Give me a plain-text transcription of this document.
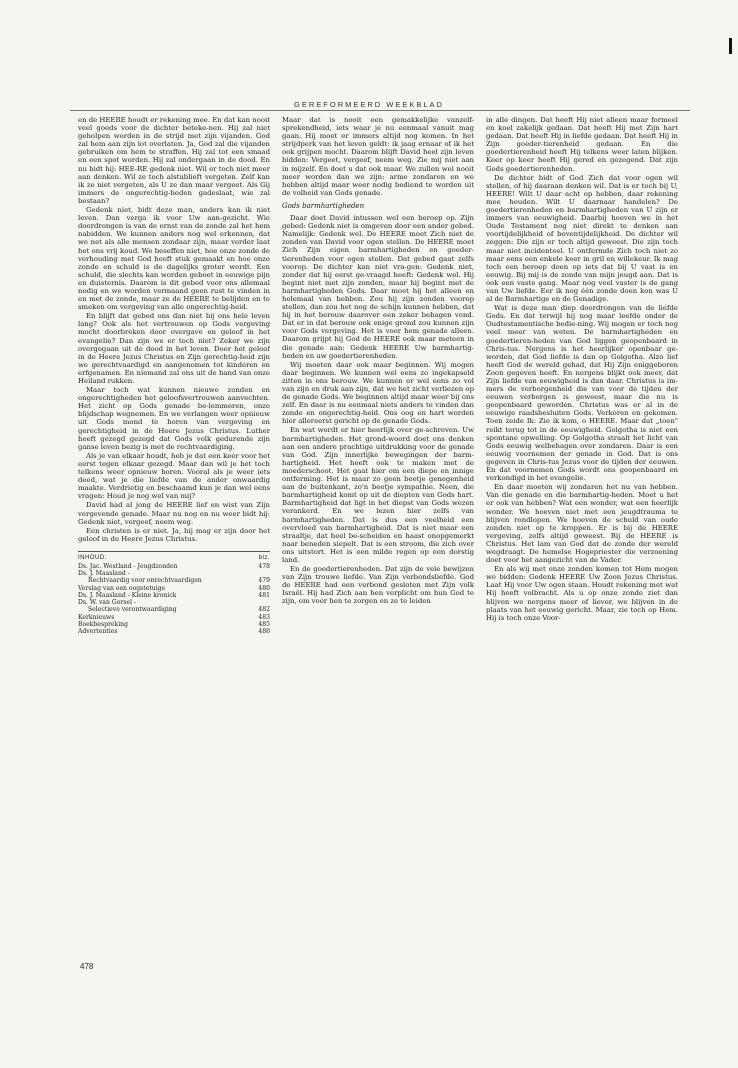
GEREFORMEERD WEEKBLAD

en de HEERE houdt er rekening mee. En dat kan nooit veel goeds voor de dichter beteke-nen. Hij zal niet geholpen worden in de strijd met zijn vijanden. God zal hem aan zijn lot overlaten. Ja, God zal die vijanden gebruiken om hem te straffen. Hij zal tot een smaad en een spot worden. Hij zal ondergaan in de dood. En nu bidt hij: HEE-RE gedenk niet. Wil er toch niet meer aan denken. Wil ze toch alstublieft vergeten. Zelf kan ik ze niet vergeten, als U ze dan maar vergeet. Als Gij immers de ongerechtig-heden gadeslaat, wie zal bestaan?

Gedenk niet, bidt deze man, anders kan ik niet leven. Dan verga ik voor Uw aan-gezicht. Wie doordrongen is van de ernst van de zonde zal het hem nabidden. We kunnen anders nog wel erkennen, dat we net als alle mensen zondaar zijn, maar verder laat het ons vrij koud. We beseffen niet, hoe onze zonde de verhouding met God heeft stuk gemaakt en hoe onze zonde en schuld is de dagelijks groter wordt. Een schuld, die slechts kan worden geboet in eeuwige pijn en duisternis. Daarom is dit gebed voor ons allemaal nodig en we worden vermaand geen rust te vinden in en met de zonde, maar ze de HEERE te belijden en te smeken om vergeving van alle ongerechtig-heid.

En blijft dat gebed ons dan niet bij ons hele leven lang? Ook als het vertrouwen op Gods vergeving mocht doorbreken door overgave en geloof in het evangelie? Dan zijn we er toch niet? Zeker we zijn overgegaan uit de dood in het leven. Door het geloof in de Heere Jezus Christus en Zijn gerechtig-heid zijn we gerechtvaardigd en aangenomen tot kinderen en erfgenamen. En niemand zal ons uit de hand van onze Heiland rukken.

Maar toch wat kunnen nieuwe zonden en ongerechtigheden het geloofsvertrouwen aanvechten. Het zicht op Gods genade be-lemmeren, onze blijdschap wegnemen. En we verlangen weer opnieuw uit Gods mond te horen van vergeving en gerechtigheid in de Heere Jezus Christus. Luther heeft gezegd gezegd dat Gods volk gedurende zijn ganse leven bezig is met de rechtvaardiging.

Als je van elkaar houdt, heb je dat een keer voor het eerst tegen elkaar gezegd. Maar dan wil je het toch telkens weer opnieuw horen. Vooral als je weer iets deed, wat je die liefde van de ander onwaardig maakte. Verdrietig en beschaamd kun je dan wel eens vragen: Houd je nog wel van mij?

David had al jong de HEERE lief en wist van Zijn vergevende genade. Maar nu nog en nu weer bidt hij: Gedenk niet, vergeef, neem weg.

Een christen is er niet. Ja, hij mag er zijn door het geloof in de Heere Jezus Christus.

INHOUD:	blz.
Ds. Jac. Westland - Jeugdzonden	478
Ds. J. Maasland -
Rechtvaardig voor onrechtvaardigen	479
Verslag van een oogstetuige	480
Ds. J. Maasland - Kleine kronick	481
Ds. W. van Gorsel -
Selectieve verontwaardiging	482
Kerknieuws	483
Boekbespreking	485
Advertenties	486

Maar dat is nooit een gemakkelijke vanzelf-sprekendheid, iets waar je nu eenmaal vanuit mag gaan. Hij moet er immers altijd nog komen. In het strijdperk van het leven geldt: ik jaag ernaar of ik het ook grijpen mocht. Daarom blijft David heel zijn leven bidden: Vergeet, vergeef, neem weg. Zie mij niet aan in mijzelf. En doet u dat ook maar. We zullen wel nooit meer worden dan we zijn: arme zondaren en we hebben altijd maar weer nodig bediend te worden uit de volheid van Gods genade.

Gods barmhartigheden

Daar doet David intussen wel een beroep op. Zijn gebed: Gedenk niet is omgeven door een ander gebed. Namelijk: Gedenk wel. De HEERE moet Zich niet de zonden van David voor ogen stellen. De HEERE moet Zich Zijn eigen barmhartigheden en goeder-tierenheden voor ogen stellen. Dat gebed gaat zelfs voorop. De dichter kan niet vra-gen: Gedenk niet, zonder dat hij eerst ge-vraagd heeft: Gedenk wel. Hij begint niet met zijn zonden, maar hij begint met de barmhartigheden Gods. Daar moet hij het alleen en helemaal van hebben. Zou hij zijn zonden voorop stellen, dan zou het nog de schijn kunnen hebben, dat hij in het berouw daarover een zeker behagen vond. Dat er in dat berouw ook enige grond zou kunnen zijn voor Gods vergeving. Het is voor hem genade alleen. Daarom grijpt hij God de HEERE ook maar meteen in die genade aan: Gedenk HEERE Uw barmhartig-heden en uw goedertierenheden.

Wij moeten daar ook maar beginnen. Wij mogen daar beginnen. We kunnen wel eens zo ingekapseld zitten in ons berouw. We kunnen er wel eens zo vol van zijn en druk aan zijn, dat we het zicht verliezen op de genade Gods. We beginnen altijd maar weer bij ons zelf. En daar is nu eenmaal niets anders te vinden dan zonde en ongerechtig-heid. Ons oog en hart worden hier allereerst gericht op de genade Gods.

En wat wordt er hier heerlijk over ge-schreven. Uw barmhartigheden. Het grond-woord doet ons denken aan een andere prachtige uitdrukking voor de genade van God. Zijn innerlijke bewegingen der barm-hartigheid. Het heeft ook te maken met de moederschoot. Het gaat hier om een diepe en innige ontferming. Het is maar zo geen beetje genegenheid aan de buitenkant, zo'n beetje sympathie. Neen, die barmhartigheid komt op uit de diepten van Gods hart. Barmhartigheid dat ligt in het diepst van Gods wezen verankerd. En we lezen hier zelfs van barmhartigheden. Dat is dus een veelheid een overvloed van barmhartigheid. Dat is niet maar een straaltje, dat heel be-scheiden en haast onopgemerkt naar beneden siepelt. Dat is een stroom, die zich over ons uitstort. Het is een milde regen op een dorstig land.

En de goedertierenheden. Dat zijn de vele bewijzen van Zijn trouwe liefde. Van Zijn verbondsliefde. God de HEERE had een verbond gesloten met Zijn volk Israël. Hij had Zich aan hen verplicht om hun God te zijn, om voor hen te zorgen en ze te leiden

in alle dingen. Dat heeft Hij niet alleen maar formeel en koel zakelijk gedaan. Dat heeft Hij met Zijn hart gedaan. Dat heeft Hij in liefde gedaan. Dat heeft Hij in Zijn goeder-tierenheid gedaan. En die goedertierenheid heeft Hij telkens weer laten blijken. Keer op keer heeft Hij gered en gezegend. Dat zijn Gods goedertierenheden.

De dichter bidt of God Zich dat voor ogen wil stellen, of hij daaraan denken wil. Dat is er toch bij U, HEERE! Wilt U daar acht op hebben, daar rekening mee houden. Wilt U daarnaar handelen? De goedertierenheden en barmhartigheden van U zijn er immers van eeuwigheid. Daarbij hoeven we in het Oude Testament nog niet direkt te denken aan voortijdelijkheid of boventijdelijkheid. De dichter wil zeggen: Die zijn er toch altijd geweest. Die zijn toch maar niet incidenteel. U ontfermde Zich toch niet zo maar eens een enkele keer in gril en willekeur. Ik mag toch een beroep doen op iets dat bij U vast is en eeuwig. Bij mij is de zonde van mijn jeugd aan. Dat is ook een vaste gang. Maar nog veel vaster is de gang van Uw liefde. Eer ik nog één zonde doen kon was U al de Barmhartige en de Genadige.

Wat is deze man diep doordrongen van de liefde Gods. En dat terwijl hij nog maar leefde onder de Oudtestamentische bedie-ning. Wij mogen er toch nog veel meer van weten. De barmhartigheden en goedertieren-heden van God liggen geopenbaard in Chris-tus. Nergens is het heerlijker openbaar ge-worden, dat God liefde is dan op Golgotha. Alzo lief heeft God de wereld gehad, dat Hij Zijn eniggeboren Zoon gegeven heeft. En nergens blijkt ook meer, dat Zijn liefde van eeuwigheid is dan daar. Christus is im-mers de verborgenheid die van voor de tijden der eeuwen verborgen is geweest, maar die nu is geopenbaard geworden. Christus was er al in de eeuwige raadsbesluiten Gods. Verkoren en gekomen. Toen zeide Ik: Zie ik kom, o HEERE. Maar dat „toen" reikt terug tot in de eeuwigheid. Golgotha is niet een spontane opwelling. Op Golgotha straalt het licht van Gods eeuwig welbehagen over zondaren. Daar is een eeuwig voornemen der genade in God. Dat is ons gegeven in Chris-tus Jezus voor de tijden der eeuwen. En dat voornemen Gods wordt ons geopenbaard en verkondigd in het evangelie.

En daar moeten wij zondaren het nu van hebben. Van die genade en die barmhartig-heden. Moet u het er ook van hebben? Wat een wonder, wat een heerlijk wonder. We hoeven niet met een jeugdtrauma te blijven rondlopen. We hoeven de schuld van oude zonden niet op te kroppen. Er is bij de HEERE vergeving, zelfs altijd geweest. Bij de HEERE is Christus. Het lam van God dat de zonde der wereld wegdraagt. De hemelse Hogepriester die verzoening doet voor het aangezicht van de Vader.

En als wij met onze zonden komen tot Hem mogen we bidden: Gedenk HEERE Uw Zoon Jezus Christus. Laat Hij voor Uw ogen staan. Houdt rekening met wat Hij heeft volbracht. Als u op onze zonde ziet dan blijven we nergens meer of liever, we blijven in de plaats van het eeuwig gericht. Maar, zie toch op Hem. Hij is toch onze Voor-

478
